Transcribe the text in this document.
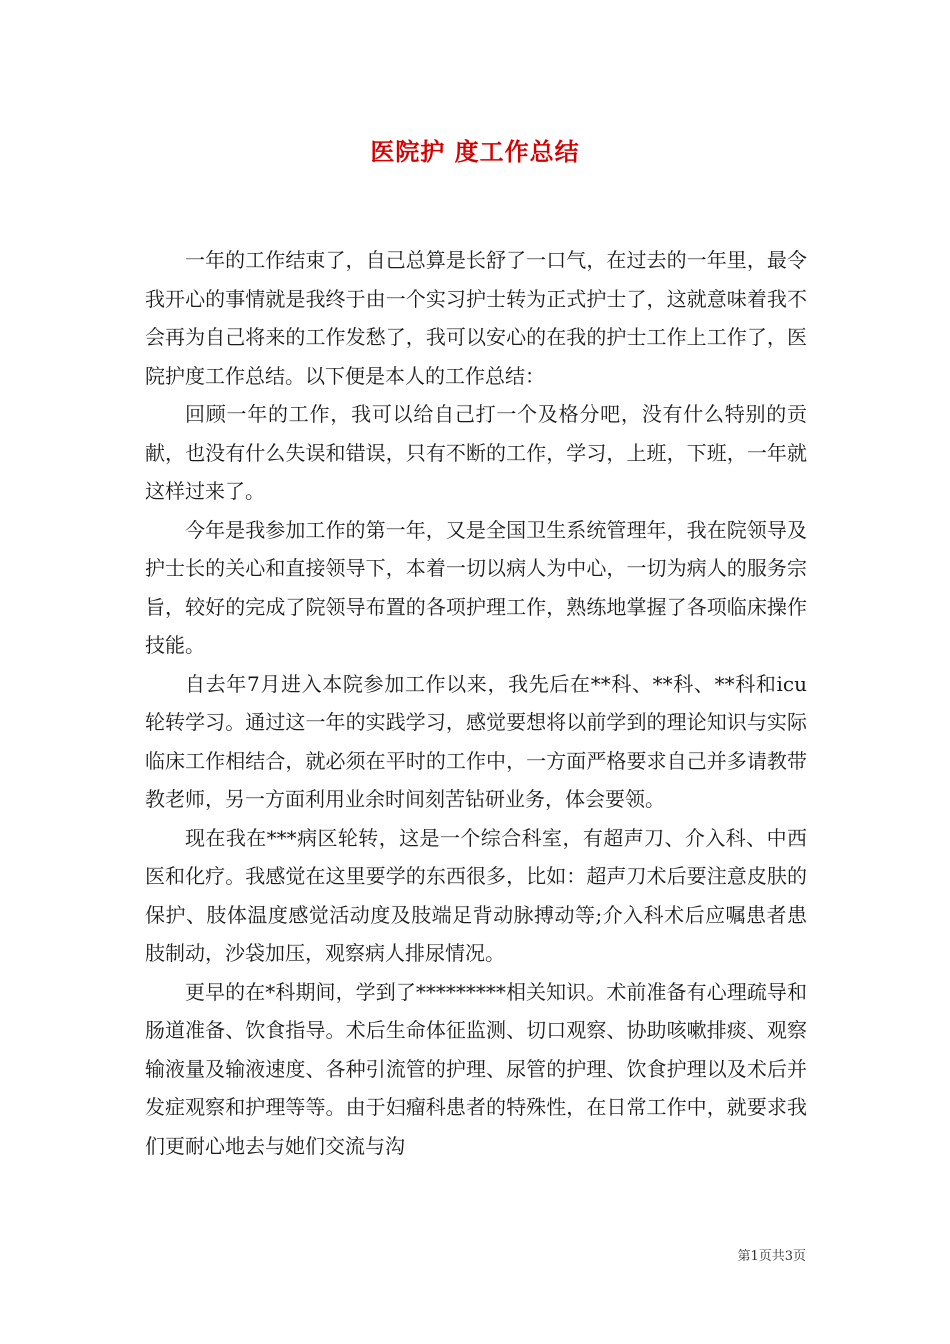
医院护 度工作总结

一年的工作结束了，自己总算是长舒了一口气，在过去的一年里，最令我开心的事情就是我终于由一个实习护士转为正式护士了，这就意味着我不会再为自己将来的工作发愁了，我可以安心的在我的护士工作上工作了，医院护度工作总结。以下便是本人的工作总结：

回顾一年的工作，我可以给自己打一个及格分吧，没有什么特别的贡献，也没有什么失误和错误，只有不断的工作，学习，上班，下班，一年就这样过来了。

今年是我参加工作的第一年，又是全国卫生系统管理年，我在院领导及护士长的关心和直接领导下，本着一切以病人为中心，一切为病人的服务宗旨，较好的完成了院领导布置的各项护理工作，熟练地掌握了各项临床操作技能。

自去年7月进入本院参加工作以来，我先后在**科、**科、**科和icu轮转学习。通过这一年的实践学习，感觉要想将以前学到的理论知识与实际临床工作相结合，就必须在平时的工作中，一方面严格要求自己并多请教带教老师，另一方面利用业余时间刻苦钻研业务，体会要领。

现在我在***病区轮转，这是一个综合科室，有超声刀、介入科、中西医和化疗。我感觉在这里要学的东西很多，比如：超声刀术后要注意皮肤的保护、肢体温度感觉活动度及肢端足背动脉搏动等;介入科术后应嘱患者患肢制动，沙袋加压，观察病人排尿情况。

更早的在*科期间，学到了*********相关知识。术前准备有心理疏导和肠道准备、饮食指导。术后生命体征监测、切口观察、协助咳嗽排痰、观察输液量及输液速度、各种引流管的护理、尿管的护理、饮食护理以及术后并发症观察和护理等等。由于妇瘤科患者的特殊性，在日常工作中，就要求我们更耐心地去与她们交流与沟

第1页共3页
